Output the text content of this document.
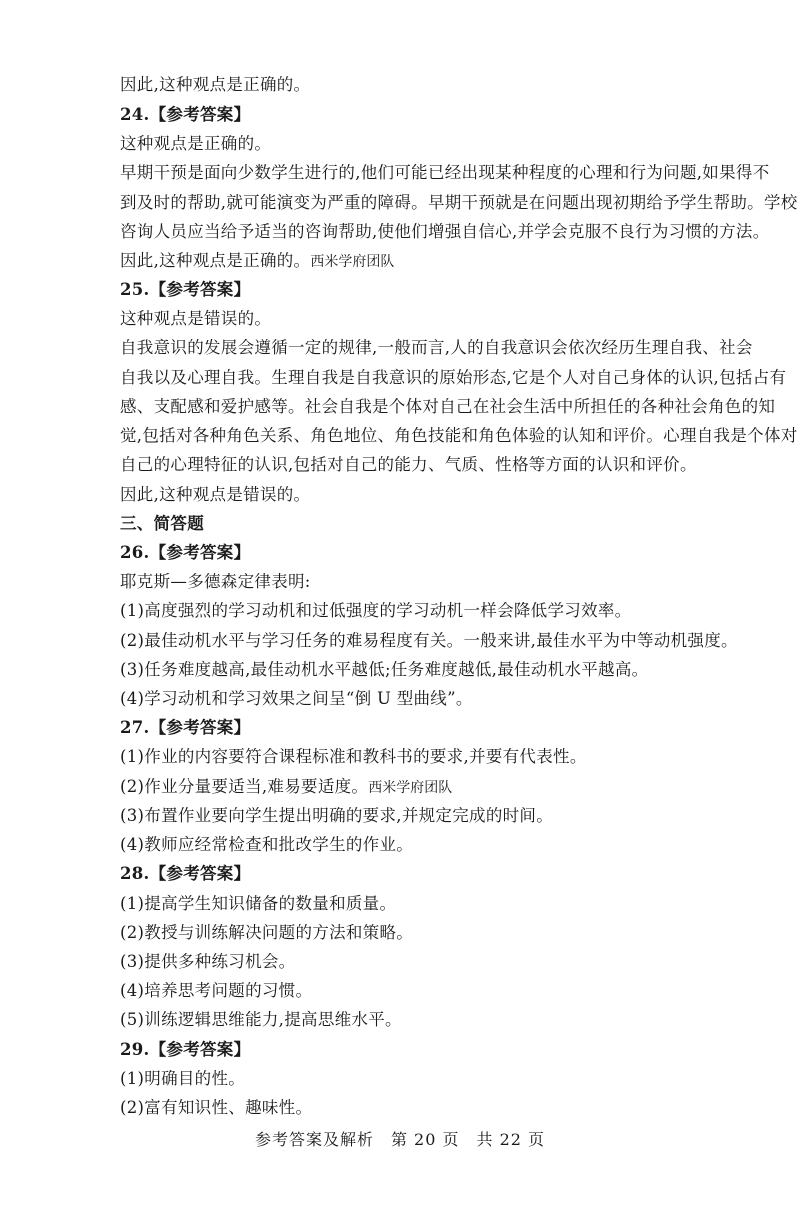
因此,这种观点是正确的。
24.【参考答案】
这种观点是正确的。
早期干预是面向少数学生进行的,他们可能已经出现某种程度的心理和行为问题,如果得不
到及时的帮助,就可能演变为严重的障碍。早期干预就是在问题出现初期给予学生帮助。学校
咨询人员应当给予适当的咨询帮助,使他们增强自信心,并学会克服不良行为习惯的方法。
因此,这种观点是正确的。西米学府团队
25.【参考答案】
这种观点是错误的。
自我意识的发展会遵循一定的规律,一般而言,人的自我意识会依次经历生理自我、社会
自我以及心理自我。生理自我是自我意识的原始形态,它是个人对自己身体的认识,包括占有
感、支配感和爱护感等。社会自我是个体对自己在社会生活中所担任的各种社会角色的知
觉,包括对各种角色关系、角色地位、角色技能和角色体验的认知和评价。心理自我是个体对
自己的心理特征的认识,包括对自己的能力、气质、性格等方面的认识和评价。
因此,这种观点是错误的。
三、简答题
26.【参考答案】
耶克斯—多德森定律表明:
(1)高度强烈的学习动机和过低强度的学习动机一样会降低学习效率。
(2)最佳动机水平与学习任务的难易程度有关。一般来讲,最佳水平为中等动机强度。
(3)任务难度越高,最佳动机水平越低;任务难度越低,最佳动机水平越高。
(4)学习动机和学习效果之间呈“倒 U 型曲线”。
27.【参考答案】
(1)作业的内容要符合课程标准和教科书的要求,并要有代表性。
(2)作业分量要适当,难易要适度。西米学府团队
(3)布置作业要向学生提出明确的要求,并规定完成的时间。
(4)教师应经常检查和批改学生的作业。
28.【参考答案】
(1)提高学生知识储备的数量和质量。
(2)教授与训练解决问题的方法和策略。
(3)提供多种练习机会。
(4)培养思考问题的习惯。
(5)训练逻辑思维能力,提高思维水平。
29.【参考答案】
(1)明确目的性。
(2)富有知识性、趣味性。
参考答案及解析　第 20 页　共 22 页
